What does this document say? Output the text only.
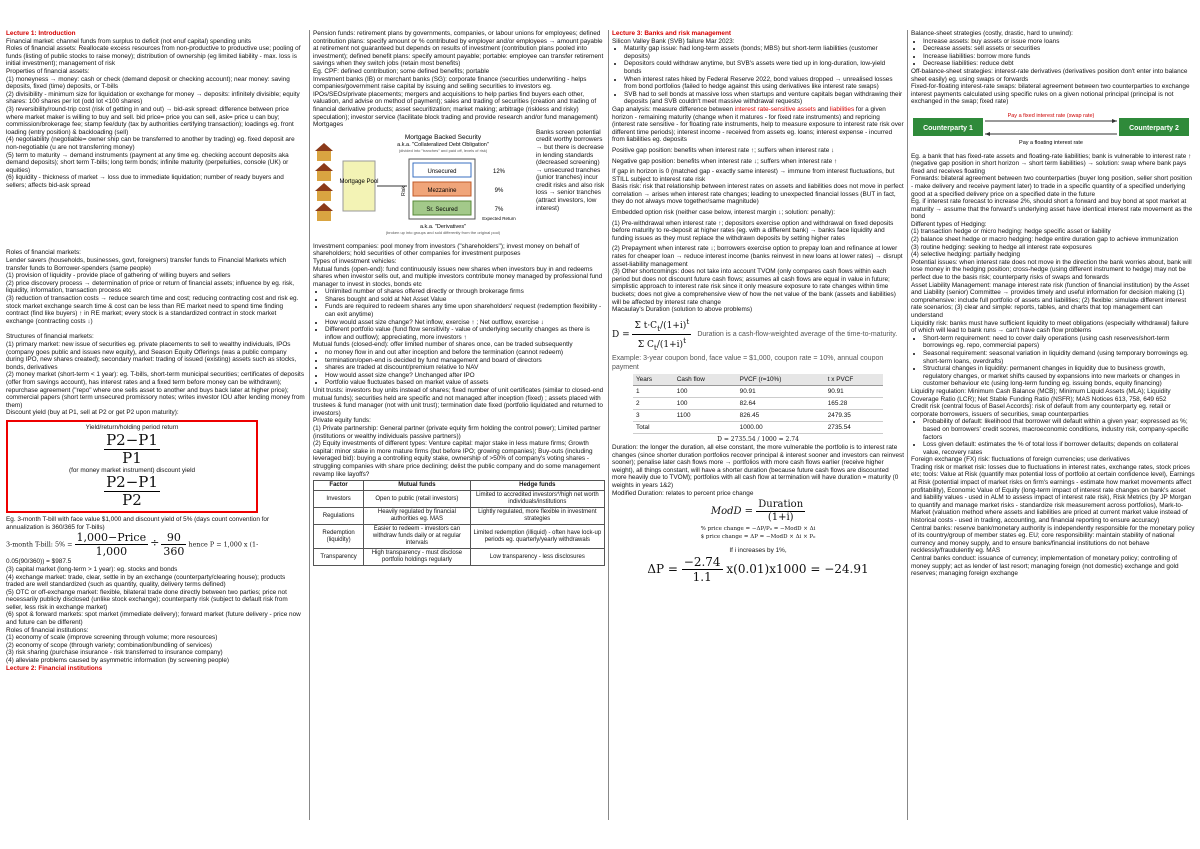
Lecture 1: Introduction

Financial market: channel funds from surplus to deficit (not enuf capital) spending units

Roles of financial assets: Reallocate excess resources from non-productive to productive use; pooling of funds (listing of public stocks to raise money); distribution of ownership (eg limited liability - max. loss is initial investment); management of risk

Properties of financial assets:

(1) moneyness → money: cash or check (demand deposit or checking account); near money: saving deposits, fixed (time) deposits, or T-bills

(2) divisibility - minimum size for liquidation or exchange for money → deposits: infinitely divisible; equity shares: 100 shares per lot (odd lot <100 shares)

(3) reversibility/round-trip cost (risk of getting in and out) → bid-ask spread: difference between price where market maker is willing to buy and sell. bid price= price you can sell, ask= price u can buy; commission/brokerage fee; stamp fee/duty (tax by authorities certifying transaction); loadings eg. front loading (entry position) & backloading (sell)

(4) negotiability (negotiable= owner ship can be transferred to another by trading) eg. fixed deposit are non-negotiable (u are not transferring money)

(5) term to maturity → demand instruments (payment at any time eg. checking account deposits aka demand deposits); short term T-bills; long term bonds; infinite maturity (perpetuities, console (UK) or equities)

(6) liquidity - thickness of market → loss due to immediate liquidation; number of ready buyers and sellers; affects bid-ask spread

Roles of financial markets:

Lender savers (households, businesses, govt, foreigners) transfer funds to Financial Markets which transfer funds to Borrower-spenders (same people)

(1) provision of liquidity - provide place of gathering of willing buyers and sellers

(2) price discovery process → determination of price or return of financial assets; influence by eg. risk, liquidity, information, transaction process etc

(3) reduction of transaction costs → reduce search time and cost; reducing contracting cost and risk eg. stock market exchange search time & cost can be less than RE market need to spend time finding contract (find like buyers) ↑ in RE market; every stock is a standardized contract in stock market exchange (contracting costs ↓)

Structures of financial markets:

(1) primary market: new issue of securities eg. private placements to sell to wealthy individuals, IPOs (company goes public and issues new equity), and Season Equity Offerings (was a public company during IPO, new shares created); secondary market: trading of issued (existing) assets such as stocks, bonds, derivatives

(2) money market (short-term < 1 year): eg. T-bills, short-term municipal securities; certificates of deposits (offer from savings account), has interest rates and a fixed term before money can be withdrawn); repurchase agreement ("repo" where one sells asset to another and buys back later at higher price); commercial papers (short term unsecured promissory notes; writes investor IOU after lending money from them)

Discount yield (buy at P1, sell at P2 or get P2 upon maturity):

Yield/return/holding period return
$\frac{P2-P1}{P1}$
(for money market instrument) discount yield
$\frac{P2-P1}{P2}$

Eg. 3-month T-bill with face value $1,000 and discount yield of 5% (days count convention for annualization is 360/365 for T-bills)

3-month T-bill: $5\% = \frac{\text{1,000−Price}}{1,000} \div \frac{90}{360}$ hence P = 1,000 x (1-

0.05(90/360)) = $987.5

(3) capital market (long-term > 1 year): eg. stocks and bonds

(4) exchange market: trade, clear, settle in by an exchange (counterparty/clearing house); products traded are well standardized (such as quantity, quality, delivery terms defined)

(5) OTC or off-exchange market: flexible, bilateral trade done directly between two parties; price not necessarily publicly disclosed (unlike stock exchange); counterparty risk (subject to default risk from seller, less risk in exchange market)

(6) spot & forward markets: spot market (immediate delivery); forward market (future delivery - price now and future can be different)

Roles of financial institutions:

(1) economy of scale (improve screening through volume; more resources)

(2) economy of scope (through variety; combination/bundling of services)

(3) risk sharing (purchase insurance - risk transferred to insurance company)

(4) alleviate problems caused by asymmetric information (by screening people)

Lecture 2: Financial institutions

Pension funds: retirement plans by governments, companies, or labour unions for employees; defined contribution plans: specify amount or % contributed by employer and/or employees → amount payable at retirement not guaranteed but depends on results of investment (contribution plans pooled into investment); defined benefit plans: specify amount payable; portable: employee can transfer retirement savings when they switch jobs (retain most benefits)

Eg. CPF: defined contribution; some defined benefits; portable

Investment banks (IB) or merchant banks (SG): corporate finance (securities underwriting - helps companies/government raise capital by issuing and selling securities to investors eg. IPOs/SEOs/private placements; mergers and acquisitions to help parties find buyers each other, valuation, and advise on method of payment); sales and trading of securities (creation and trading of financial derivative products; asset securitization; market making; arbitrage (riskless and risky) speculation); investor service (facilitate block trading and provide research and/or fund management)

Mortgages

Mortgage Pool
Mortgage Backed Security
a.k.a. "Collateralized Debt Obligation"
(divided into "tranches" and paid off, levels of risk)
Risk
Unsecured
Mezzanine
Sr. Secured
12%
9%
7%
Expected Return
a.k.a. "Derivatives"
(broken up into groups and sold differently from the original pool)

Banks screen potential credit worthy borrowers → but there is decrease in lending standards (decreased screening) → unsecured tranches (junior tranches) incur credit risks and also risk loss → senior tranches (attract investors, low interest)

Investment companies: pool money from investors ("shareholders"); invest money on behalf of shareholders; hold securities of other companies for investment purposes

Types of investment vehicles:

Mutual funds (open-end): fund continuously issues new shares when investors buy in and redeems shares when investor sells out, and multiple investors contribute money managed by professional fund manager to invest in stocks, bonds etc

• Unlimited number of shares offered directly or through brokerage firms
• Shares bought and sold at Net Asset Value
• Funds are required to redeem shares any time upon shareholders' request (redemption flexibility - can exit anytime)
• How would asset size change? Net inflow, exercise ↑ ; Net outflow, exercise ↓
• Different portfolio value (fund flow sensitivity - value of underlying security changes as there is inflow and outflow); appreciating, more investors ↑

Mutual funds (closed-end): offer limited number of shares once, can be traded subsequently

• no money flow in and out after inception and before the termination (cannot redeem)
• termination/open-end is decided by fund management and board of directors
• shares are traded at discount/premium relative to NAV
• How would asset size change? Unchanged after IPO
• Portfolio value fluctuates based on market value of assets

Unit trusts: investors buy units instead of shares; fixed number of unit certificates (similar to closed-end mutual funds); securities held are specific and not managed after inception (fixed) ; assets placed with trustees & fund manager (not with unit trust); termination date fixed (portfolio liquidated and returned to investors)

Private equity funds:

(1) Private partnership: General partner (private equity firm holding the control power); Limited partner (institutions or wealthy individuals passive partners))

(2) Equity investments of different types: Venture capital: major stake in less mature firms; Growth capital: minor stake in more mature firms (but before IPO; growing companies); Buy-outs (including leveraged bid): buying a controlling equity stake, ownership of >50% of company's voting shares - struggling companies with share price declining; delist the public company and do some management revamp like layoffs?

Factor	Mutual funds	Hedge funds
Investors	Open to public (retail investors)	Limited to accredited investors*/high net worth individuals/institutions
Regulations	Heavily regulated by financial authorities eg. MAS	Lightly regulated, more flexible in investment strategies
Redemption (liquidity)	Easier to redeem - investors can withdraw funds daily or at regular intervals	Limited redemption (illiquid) - often have lock-up periods eg. quarterly/yearly withdrawals
Transparency	High transparency - must disclose portfolio holdings regularly	Low transparency - less disclosures

Lecture 3: Banks and risk management

Silicon Valley Bank (SVB) failure Mar 2023:

• Maturity gap issue: had long-term assets (bonds; MBS) but short-term liabilities (customer deposits)
• Depositors could withdraw anytime, but SVB's assets were tied up in long-duration, low-yield bonds
• When interest rates hiked by Federal Reserve 2022, bond values dropped → unrealised losses from bond portfolios (failed to hedge against this using derivatives like interest rate swaps)
• SVB had to sell bonds at massive loss when startups and venture capitals began withdrawing their deposits (and SVB couldn't meet massive withdrawal requests)

Gap analysis: measure difference between interest rate-sensitive assets and liabilities for a given horizon - remaining maturity (change when it matures - for fixed rate instruments) and repricing (interest rate sensitive - for floating rate instruments, help to measure exposure to interest rate risk over different time periods); interest income - received from assets eg. loans; interest expense - incurred from liabilities eg. deposits

Positive gap position: benefits when interest rate ↑; suffers when interest rate ↓

Negative gap position: benefits when interest rate ↓; suffers when interest rate ↑

If gap in horizon is 0 (matched gap - exactly same interest) → immune from interest fluctuations, but STILL subject to interest rate risk

Basis risk: risk that relationship between interest rates on assets and liabilities does not move in perfect correlation → arises when interest rate changes; leading to unexpected financial losses (BUT in fact, they do not always move together/same magnitude)

Embedded option risk (neither case below, interest margin ↓; solution: penalty):

(1) Pre-withdrawal when interest rate ↑; depositors exercise option and withdrawal on fixed deposits before maturity to re-deposit at higher rates (eg. with a different bank) → banks face liquidity and funding issues as they must replace the withdrawn deposits by setting higher rates

(2) Prepayment when interest rate ↓; borrowers exercise option to prepay loan and refinance at lower rates for cheaper loan → reduce interest income (banks reinvest in new loans at lower rates) → disrupt asset-liability management

(3) Other shortcomings: does not take into account TVOM (only compares cash flows within each period but does not discount future cash flows; assumes all cash flows are equal in value in future; simplistic approach to interest rate risk since it only measure exposure to rate changes within time buckets; does not give a comprehensive view of how the net value of the bank (assets and liabilities) will be affected by interest rate change

Macaulay's Duration (solution to above problems)

$D = \frac{\Sigma t\cdot C_t/(1+i)^t}{\Sigma C_t/(1+i)^t}$ Duration is a cash-flow-weighted average of the time-to-maturity.

Example: 3-year coupon bond, face value = $1,000, coupon rate = 10%, annual coupon payment

Years	Cash flow	PVCF (r=10%)	t x PVCF
1	100	90.91	90.91
2	100	82.64	165.28
3	1100	826.45	2479.35
Total		1000.00	2735.54

D = 2735.54 / 1000 = 2.74

Duration: the longer the duration, all else constant, the more vulnerable the portfolio is to interest rate changes (since shorter duration portfolios recover principal & interest sooner and investors can reinvest sooner); penalise later cash flows more → portfolios with more cash flows earlier (receive higher weight), all things constant, will have a shorter duration (because future cash flows are discounted more heavily due to TVOM); portfolios with all cash flow at termination will have duration = maturity (0 weights in years 1&2)

Modified Duration: relates to percent price change

ModD = $\frac{\text{Duration}}{(1+i)}$

% price change = −ΔP/P₀ = −ModD × Δi

$ price change = ΔP = −ModD × Δi × P₀

If i increases by 1%,

$\Delta P = \frac{-2.74}{1.1} x(0.01)x1000 = -24.91$

Balance-sheet strategies (costly, drastic, hard to unwind):

• Increase assets: buy assets or issue more loans
• Decrease assets: sell assets or securities
• Increase liabilities: borrow more funds
• Decrease liabilities: reduce debt

Off-balance-sheet strategies: interest-rate derivatives (derivatives position don't enter into balance sheet easily) eg. using swaps or forwards

Fixed-for-floating interest-rate swaps: bilateral agreement between two counterparties to exchange interest payments calculated using specific rules on a given notional principal (principal is not exchanged in the swap; fixed rate)

Counterparty 1	Counterparty 2
Pay a fixed interest rate (swap rate)
Pay a floating interest rate

Eg. a bank that has fixed-rate assets and floating-rate liabilities; bank is vulnerable to interest rate ↑ (negative gap position in short horizon → short term liabilities) → solution: swap where bank pays fixed and receives floating

Forwards: bilateral agreement between two counterparties (buyer long position, seller short position - make delivery and receive payment later) to trade in a specific quantity of a specified underlying good at a specified delivery price on a specified date in the future

Eg. if interest rate forecast to increase 2%, should short a forward and buy bond at spot market at maturity → assume that the forward's underlying asset have identical interest rate movement as the bond

Different types of Hedging:

(1) transaction hedge or micro hedging: hedge specific asset or liability

(2) balance sheet hedge or macro hedging: hedge entire duration gap to achieve immunization

(3) routine hedging: seeking to hedge all interest rate exposures

(4) selective hedging: partially hedging

Potential issues: when interest rate does not move in the direction the bank worries about, bank will lose money in the hedging position; cross-hedge (using different instrument to hedge) may not be perfect due to the basis risk; counterparty risks of swaps and forwards

Asset Liability Management: manage interest rate risk (function of financial institution) by the Asset and Liability (senior) Committee → provides timely and useful information for decision making (1) comprehensive: include full portfolio of assets and liabilities; (2) flexible: simulate different interest rate scenarios; (3) clear and simple: reports, tables, and charts that top management can understand

Liquidity risk: banks must have sufficient liquidity to meet obligations (especially withdrawal) failure of which will lead to bank runs → can't have cash flow problems

• Short-term requirement: need to cover daily operations (using cash reserves/short-term borrowings eg. repo, commercial papers)
• Seasonal requirement: seasonal variation in liquidity demand (using temporary borrowings eg. short-term loans, overdrafts)
• Structural changes in liquidity: permanent changes in liquidity due to business growth, regulatory changes, or market shifts caused by expansions into new markets or changes in customer behaviour etc (using long-term funding eg. issuing bonds, equity financing)

Liquidity regulation: Minimum Cash Balance (MCB); Minimum Liquid Assets (MLA); Liquidity Coverage Ratio (LCR); Net Stable Funding Ratio (NSFR); MAS Notices 613, 758, 649 652

Credit risk (central focus of Basel Accords): risk of default from any counterparty eg. retail or corporate borrowers, issuers of securities, swap counterparties

• Probability of default: likelihood that borrower will default within a given year; expressed as %; based on borrowers' credit scores, macroeconomic conditions, industry risk, company-specific factors
• Loss given default: estimates the % of total loss if borrower defaults; depends on collateral value, recovery rates

Foreign exchange (FX) risk: fluctuations of foreign currencies; use derivatives

Trading risk or market risk: losses due to fluctuations in interest rates, exchange rates, stock prices etc; tools: Value at Risk (quantify max potential loss of portfolio at certain confidence level), Earnings at Risk (potential impact of market risks on firm's earnings - estimate how market movements affect profitability), Economic Value of Equity (long-term impact of interest rate changes on bank's asset and liability values - used in ALM to assess impact of interest rate risk), Risk Metrics (by JP Morgan to quantify and manage market risks - standardize risk measurement across portfolios), Mark-to-Market (valuation method where assets and liabilities are priced at current market value instead of historical costs - used in trading, accounting, and financial reporting to ensure accuracy)

Central banks: reserve bank/monetary authority is independently responsible for the monetary policy of its country/group of member states eg. EU; core responsibility: maintain stability of national currency and money supply, and to ensure banks/financial institutions do not behave recklessly/fraudulently eg. MAS

Central banks conduct: issuance of currency; implementation of monetary policy; controlling of money supply; act as lender of last resort; managing foreign (not domestic) exchange and gold reserves; managing foreign exchange
